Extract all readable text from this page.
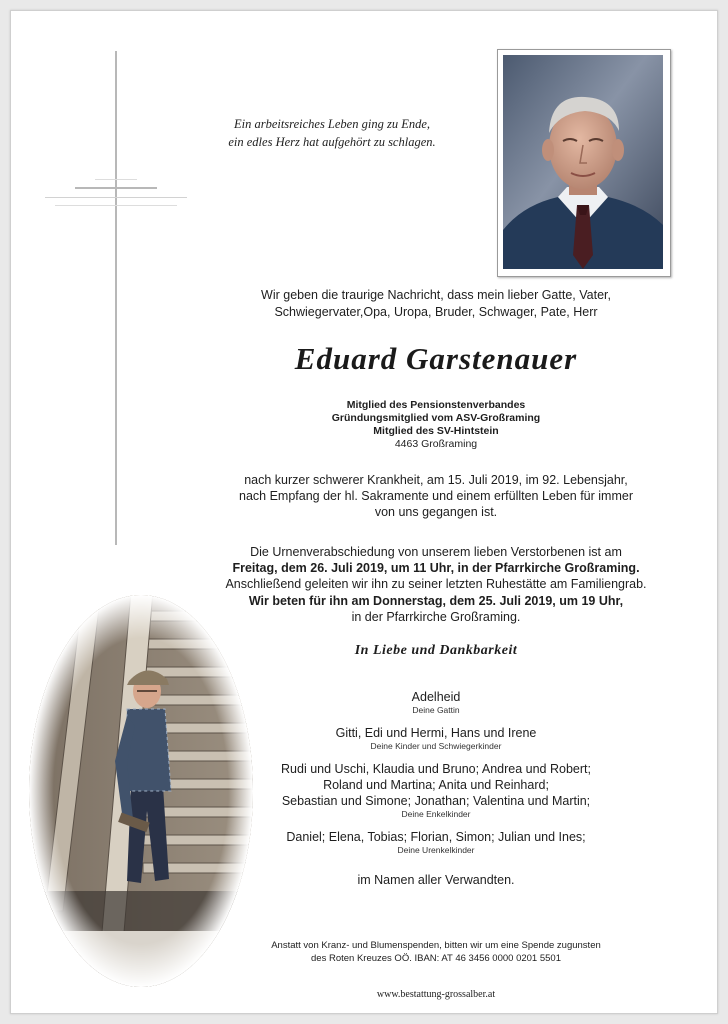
Ein arbeitsreiches Leben ging zu Ende,
ein edles Herz hat aufgehört zu schlagen.
Wir geben die traurige Nachricht, dass mein lieber Gatte, Vater,
Schwiegervater,Opa, Uropa, Bruder, Schwager, Pate, Herr
Eduard Garstenauer
Mitglied des Pensionstenverbandes
Gründungsmitglied vom ASV-Großraming
Mitglied des SV-Hintstein
4463 Großraming
nach kurzer schwerer Krankheit, am 15. Juli 2019, im 92. Lebensjahr,
nach Empfang der hl. Sakramente und einem erfüllten Leben für immer
von uns gegangen ist.
Die Urnenverabschiedung von unserem lieben Verstorbenen ist am
Freitag, dem 26. Juli 2019, um 11 Uhr, in der Pfarrkirche Großraming.
Anschließend geleiten wir ihn zu seiner letzten Ruhestätte am Familiengrab.
Wir beten für ihn am Donnerstag, dem 25. Juli 2019, um 19 Uhr,
in der Pfarrkirche Großraming.
In Liebe und Dankbarkeit
Adelheid
Deine Gattin
Gitti, Edi und Hermi, Hans und Irene
Deine Kinder und Schwiegerkinder
Rudi und Uschi, Klaudia und Bruno; Andrea und Robert;
Roland und Martina; Anita und Reinhard;
Sebastian und Simone; Jonathan; Valentina und Martin;
Deine Enkelkinder
Daniel; Elena, Tobias; Florian, Simon; Julian und Ines;
Deine Urenkelkinder
im Namen aller Verwandten.
Anstatt von Kranz- und Blumenspenden, bitten wir um eine Spende zugunsten
des Roten Kreuzes OÖ. IBAN: AT 46 3456 0000 0201 5501
www.bestattung-grossalber.at
